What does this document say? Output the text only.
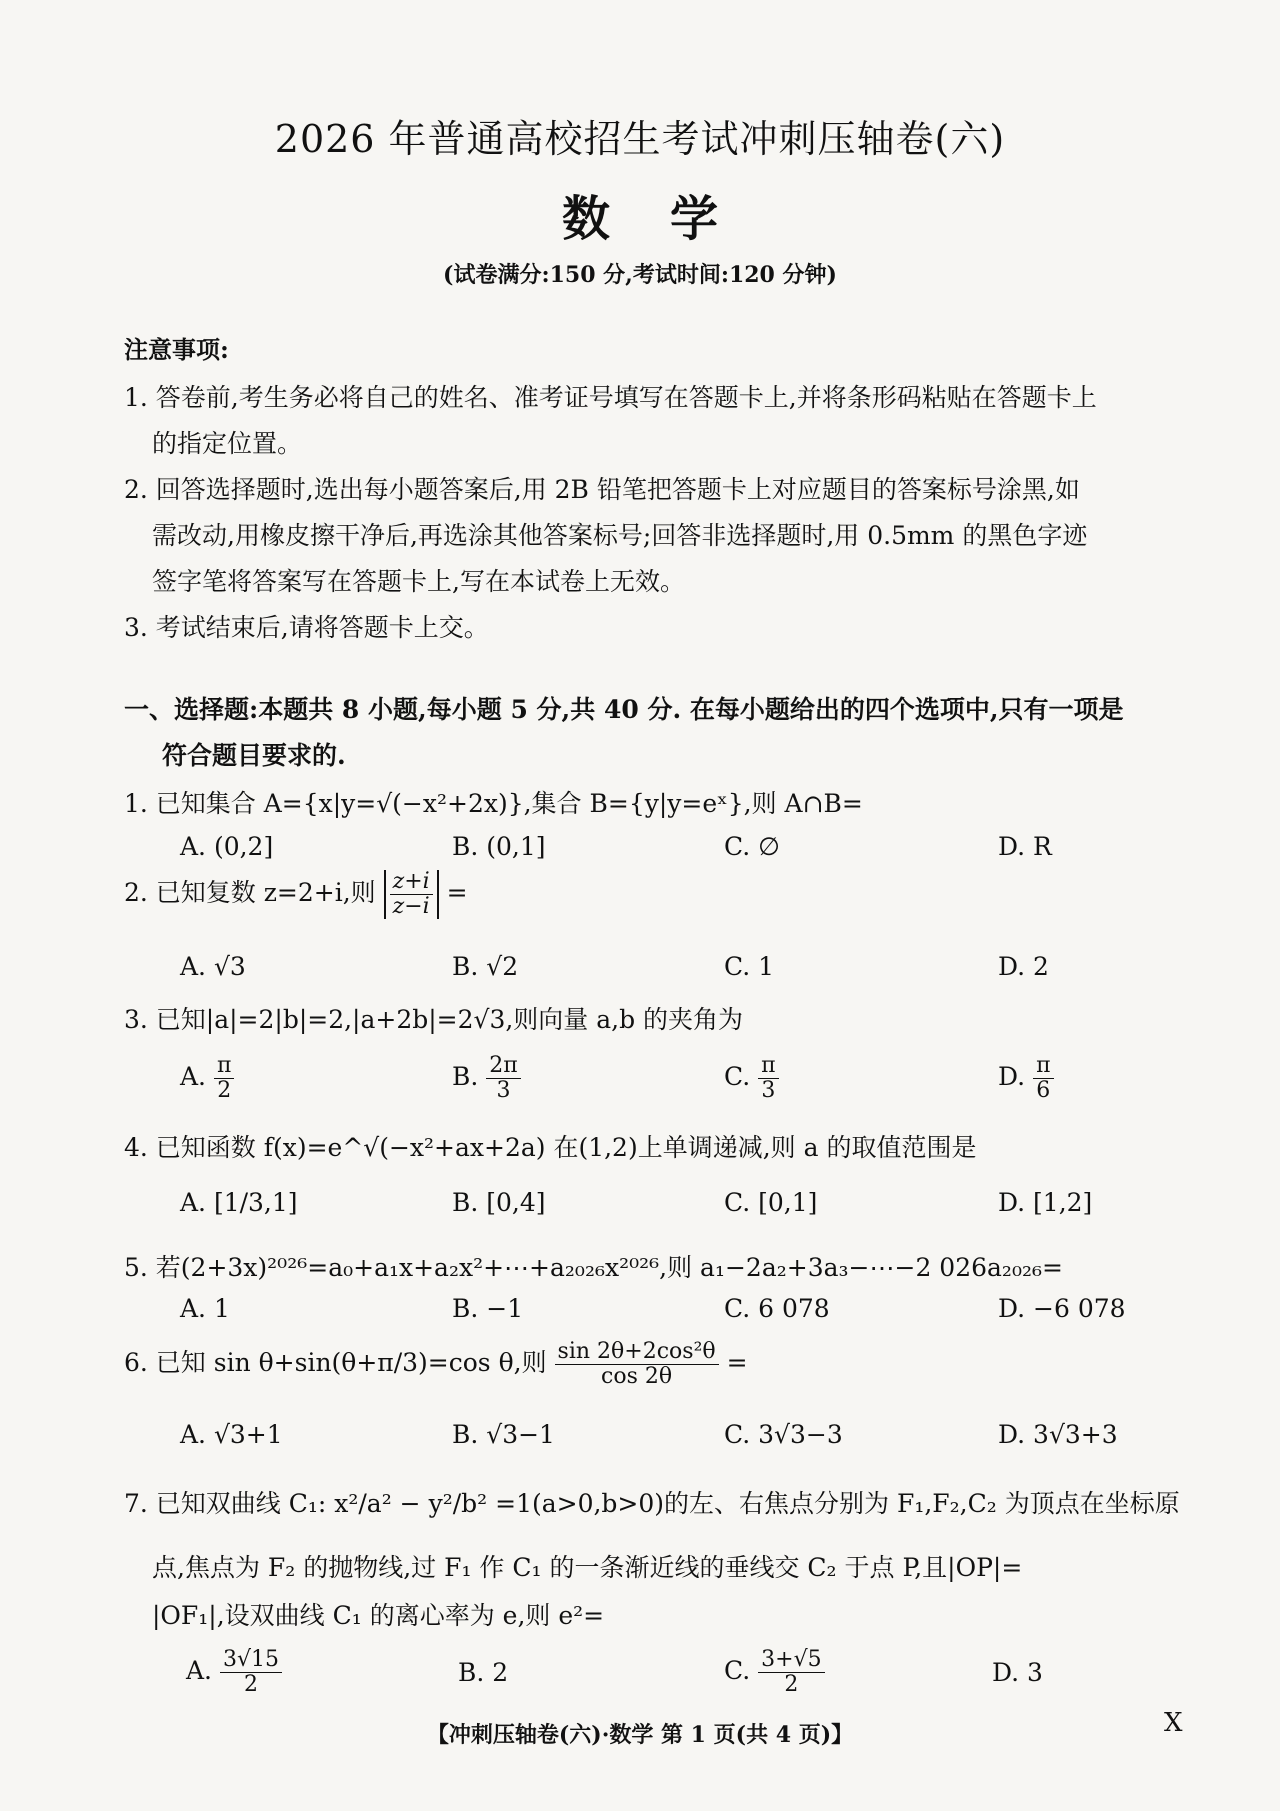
2026 年普通高校招生考试冲刺压轴卷(六)
数学
(试卷满分:150 分,考试时间:120 分钟)
注意事项:
1. 答卷前,考生务必将自己的姓名、准考证号填写在答题卡上,并将条形码粘贴在答题卡上
的指定位置。
2. 回答选择题时,选出每小题答案后,用 2B 铅笔把答题卡上对应题目的答案标号涂黑,如
需改动,用橡皮擦干净后,再选涂其他答案标号;回答非选择题时,用 0.5mm 的黑色字迹
签字笔将答案写在答题卡上,写在本试卷上无效。
3. 考试结束后,请将答题卡上交。
一、选择题:本题共 8 小题,每小题 5 分,共 40 分. 在每小题给出的四个选项中,只有一项是
符合题目要求的.
1. 已知集合 A={x|y=√(−x²+2x)},集合 B={y|y=eˣ},则 A∩B=
A. (0,2]	B. (0,1]	C. ∅	D. R
2. 已知复数 z=2+i,则 $\frac{z+i}{z-i}$ =
A. √3	B. √2	C. 1	D. 2
3. 已知|a|=2|b|=2,|a+2b|=2√3,则向量 a,b 的夹角为
A. $\frac{\pi}{2}$	B. $\frac{2\pi}{3}$	C. $\frac{\pi}{3}$	D. $\frac{\pi}{6}$
4. 已知函数 f(x)=e^√(−x²+ax+2a) 在(1,2)上单调递减,则 a 的取值范围是
A. [1/3,1]	B. [0,4]	C. [0,1]	D. [1,2]
5. 若(2+3x)²⁰²⁶=a₀+a₁x+a₂x²+⋯+a₂₀₂₆x²⁰²⁶,则 a₁−2a₂+3a₃−⋯−2 026a₂₀₂₆=
A. 1	B. −1	C. 6 078	D. −6 078
6. 已知 sin θ+sin(θ+π/3)=cos θ,则 $\frac{\text{sin 2θ+2cos²θ}}{\cos 2\theta}$ =
A. √3+1	B. √3−1	C. 3√3−3	D. 3√3+3
7. 已知双曲线 C₁: x²/a² − y²/b² =1(a>0,b>0)的左、右焦点分别为 F₁,F₂,C₂ 为顶点在坐标原
点,焦点为 F₂ 的抛物线,过 F₁ 作 C₁ 的一条渐近线的垂线交 C₂ 于点 P,且|OP|=
|OF₁|,设双曲线 C₁ 的离心率为 e,则 e²=
A. $\frac{3√15}{2}$	B. 2	C. $\frac{3+√5}{2}$	D. 3
【冲刺压轴卷(六)·数学 第 1 页(共 4 页)】	X
